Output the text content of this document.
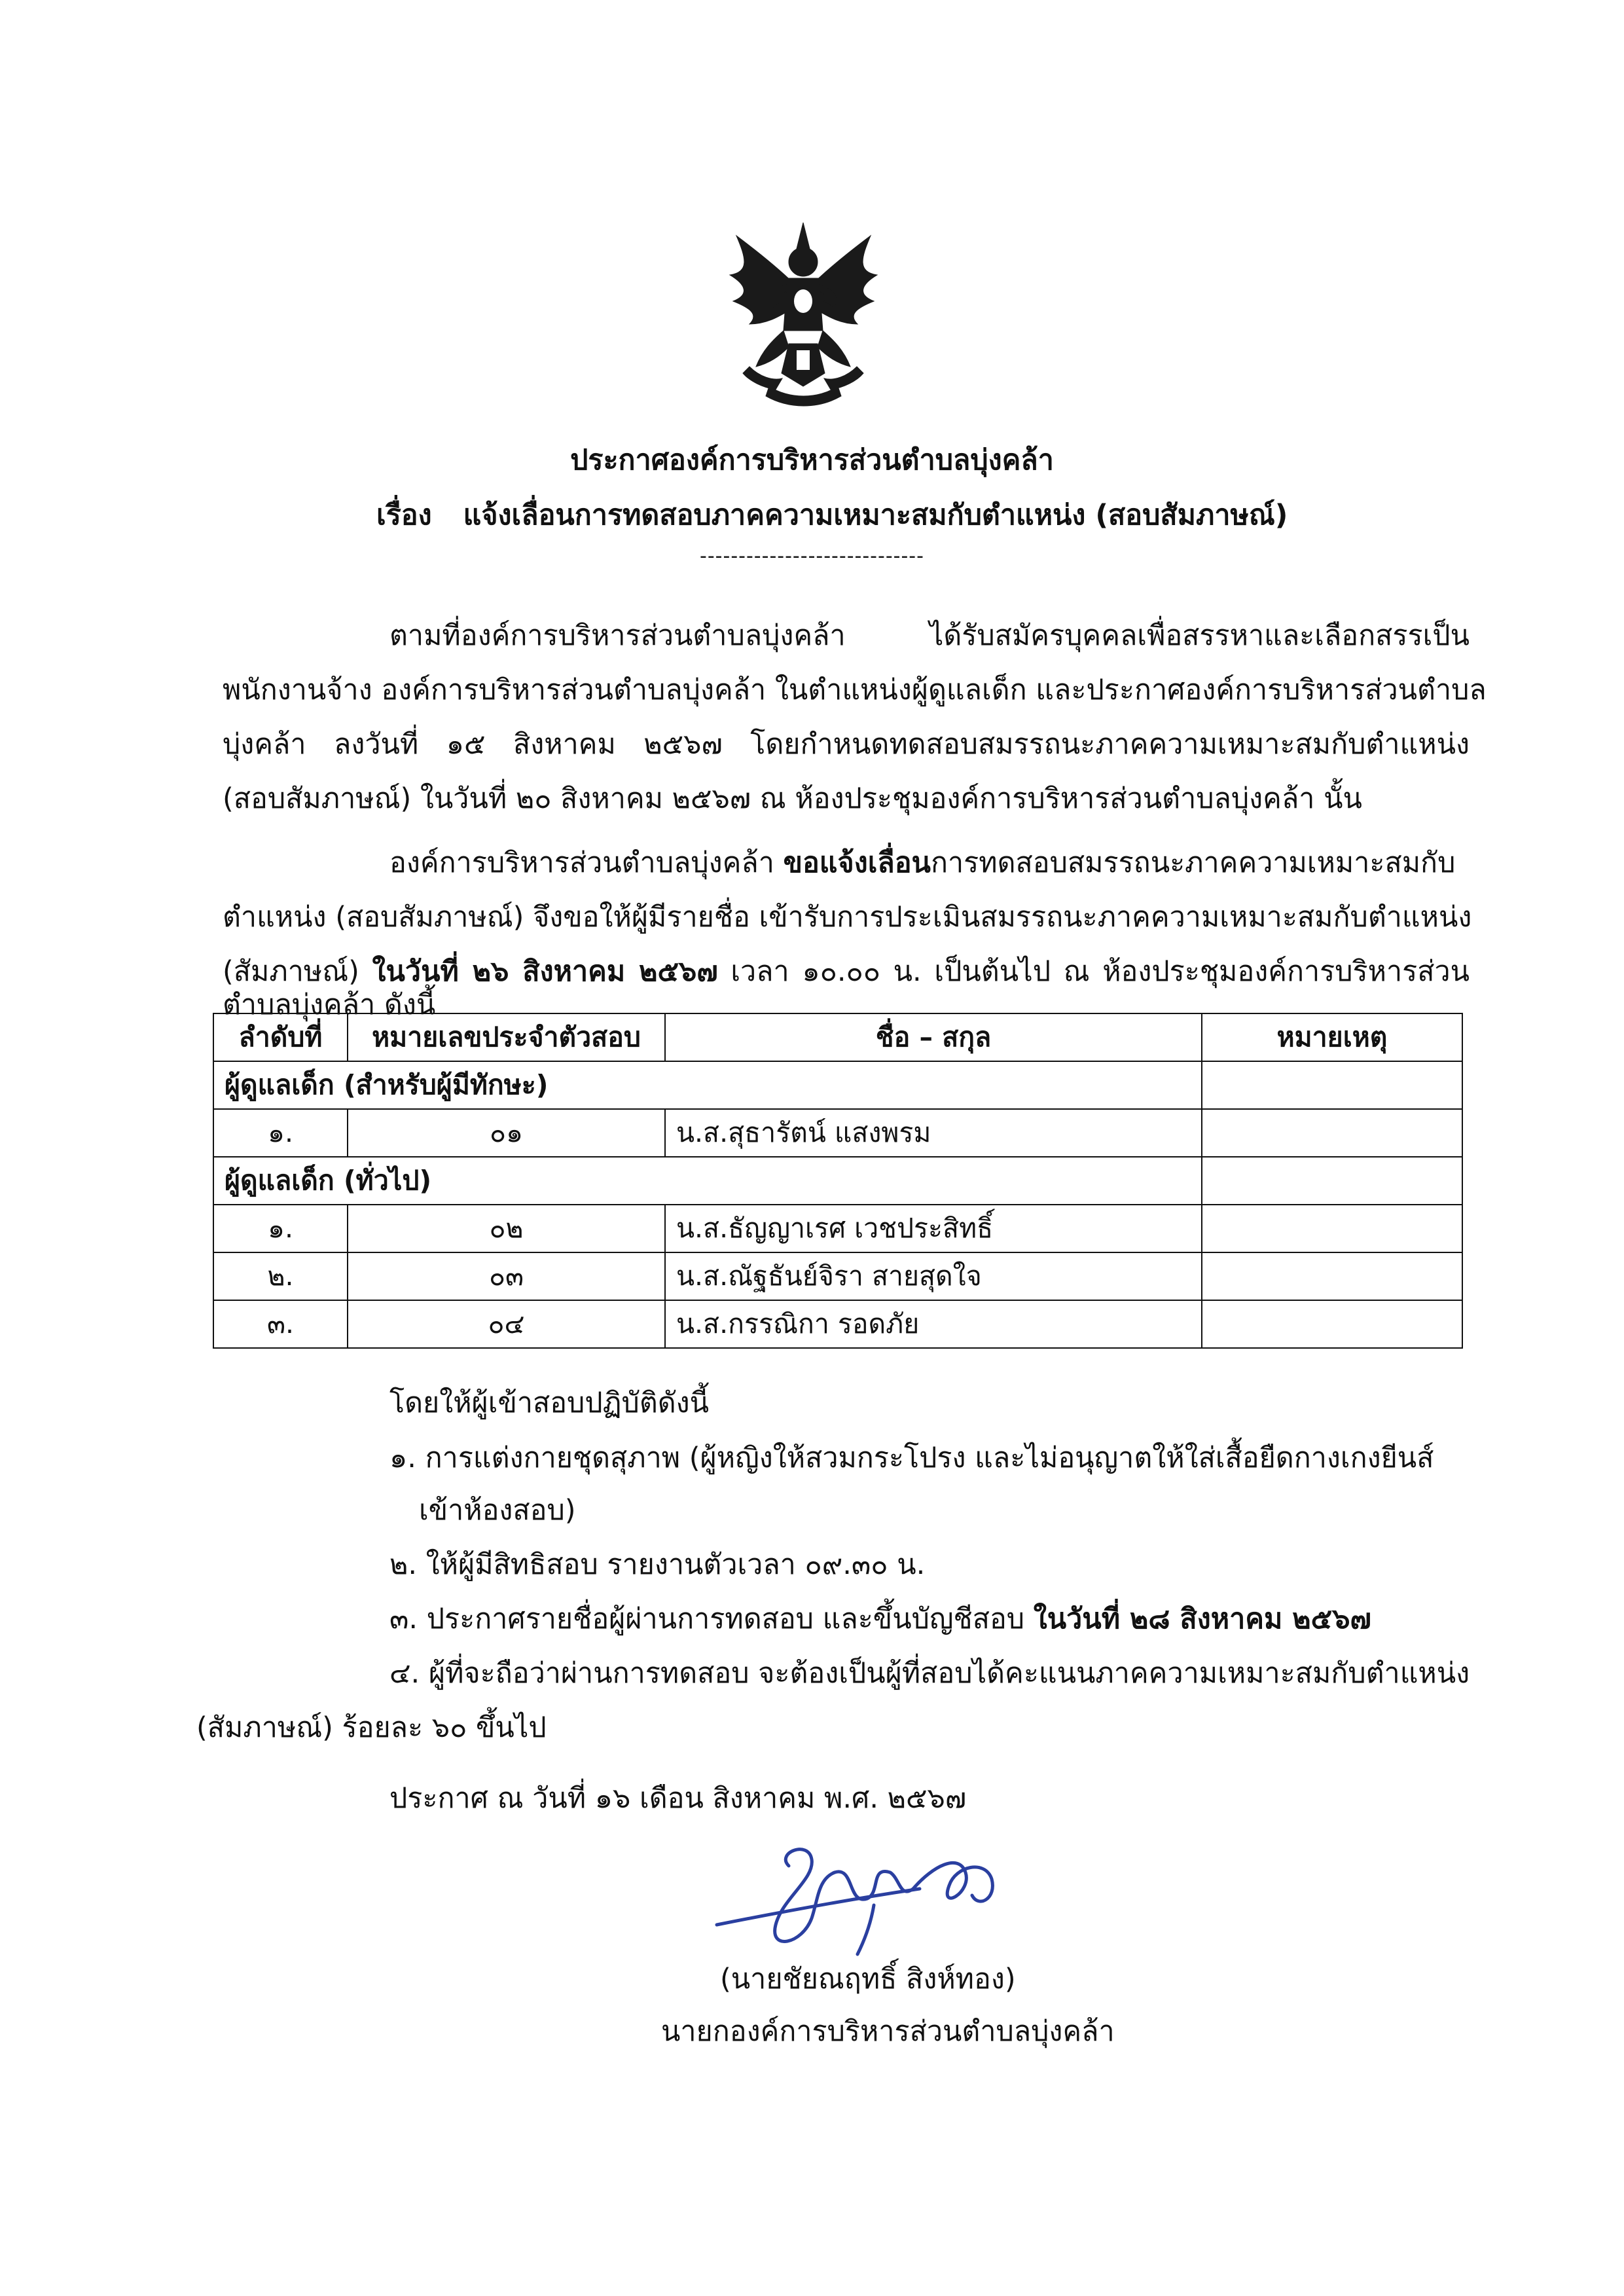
ประกาศองค์การบริหารส่วนตำบลบุ่งคล้า
เรื่อง แจ้งเลื่อนการทดสอบภาคความเหมาะสมกับตำแหน่ง (สอบสัมภาษณ์)
-----------------------------
ตามที่องค์การบริหารส่วนตำบลบุ่งคล้า ได้รับสมัครบุคคลเพื่อสรรหาและเลือกสรรเป็น
พนักงานจ้าง องค์การบริหารส่วนตำบลบุ่งคล้า ในตำแหน่งผู้ดูแลเด็ก และประกาศองค์การบริหารส่วนตำบล
บุ่งคล้า ลงวันที่ ๑๕ สิงหาคม ๒๕๖๗ โดยกำหนดทดสอบสมรรถนะภาคความเหมาะสมกับตำแหน่ง
(สอบสัมภาษณ์) ในวันที่ ๒๐ สิงหาคม ๒๕๖๗ ณ ห้องประชุมองค์การบริหารส่วนตำบลบุ่งคล้า นั้น
องค์การบริหารส่วนตำบลบุ่งคล้า ขอแจ้งเลื่อนการทดสอบสมรรถนะภาคความเหมาะสมกับ
ตำแหน่ง (สอบสัมภาษณ์) จึงขอให้ผู้มีรายชื่อ เข้ารับการประเมินสมรรถนะภาคความเหมาะสมกับตำแหน่ง
(สัมภาษณ์) ในวันที่ ๒๖ สิงหาคม ๒๕๖๗ เวลา ๑๐.๐๐ น. เป็นต้นไป ณ ห้องประชุมองค์การบริหารส่วน
ตำบลบุ่งคล้า ดังนี้
ลำดับที่	หมายเลขประจำตัวสอบ	ชื่อ – สกุล	หมายเหตุ
ผู้ดูแลเด็ก (สำหรับผู้มีทักษะ)			
๑.	๐๑	น.ส.สุธารัตน์ แสงพรม	
ผู้ดูแลเด็ก (ทั่วไป)			
๑.	๐๒	น.ส.ธัญญาเรศ เวชประสิทธิ์	
๒.	๐๓	น.ส.ณัฐธันย์จิรา สายสุดใจ	
๓.	๐๔	น.ส.กรรณิกา รอดภัย	
โดยให้ผู้เข้าสอบปฏิบัติดังนี้
๑. การแต่งกายชุดสุภาพ (ผู้หญิงให้สวมกระโปรง และไม่อนุญาตให้ใส่เสื้อยืดกางเกงยีนส์
เข้าห้องสอบ)
๒. ให้ผู้มีสิทธิสอบ รายงานตัวเวลา ๐๙.๓๐ น.
๓. ประกาศรายชื่อผู้ผ่านการทดสอบ และขึ้นบัญชีสอบ ในวันที่ ๒๘ สิงหาคม ๒๕๖๗
๔. ผู้ที่จะถือว่าผ่านการทดสอบ จะต้องเป็นผู้ที่สอบได้คะแนนภาคความเหมาะสมกับตำแหน่ง
(สัมภาษณ์) ร้อยละ ๖๐ ขึ้นไป
ประกาศ ณ วันที่ ๑๖ เดือน สิงหาคม พ.ศ. ๒๕๖๗
(นายชัยณฤทธิ์ สิงห์ทอง)
นายกองค์การบริหารส่วนตำบลบุ่งคล้า
